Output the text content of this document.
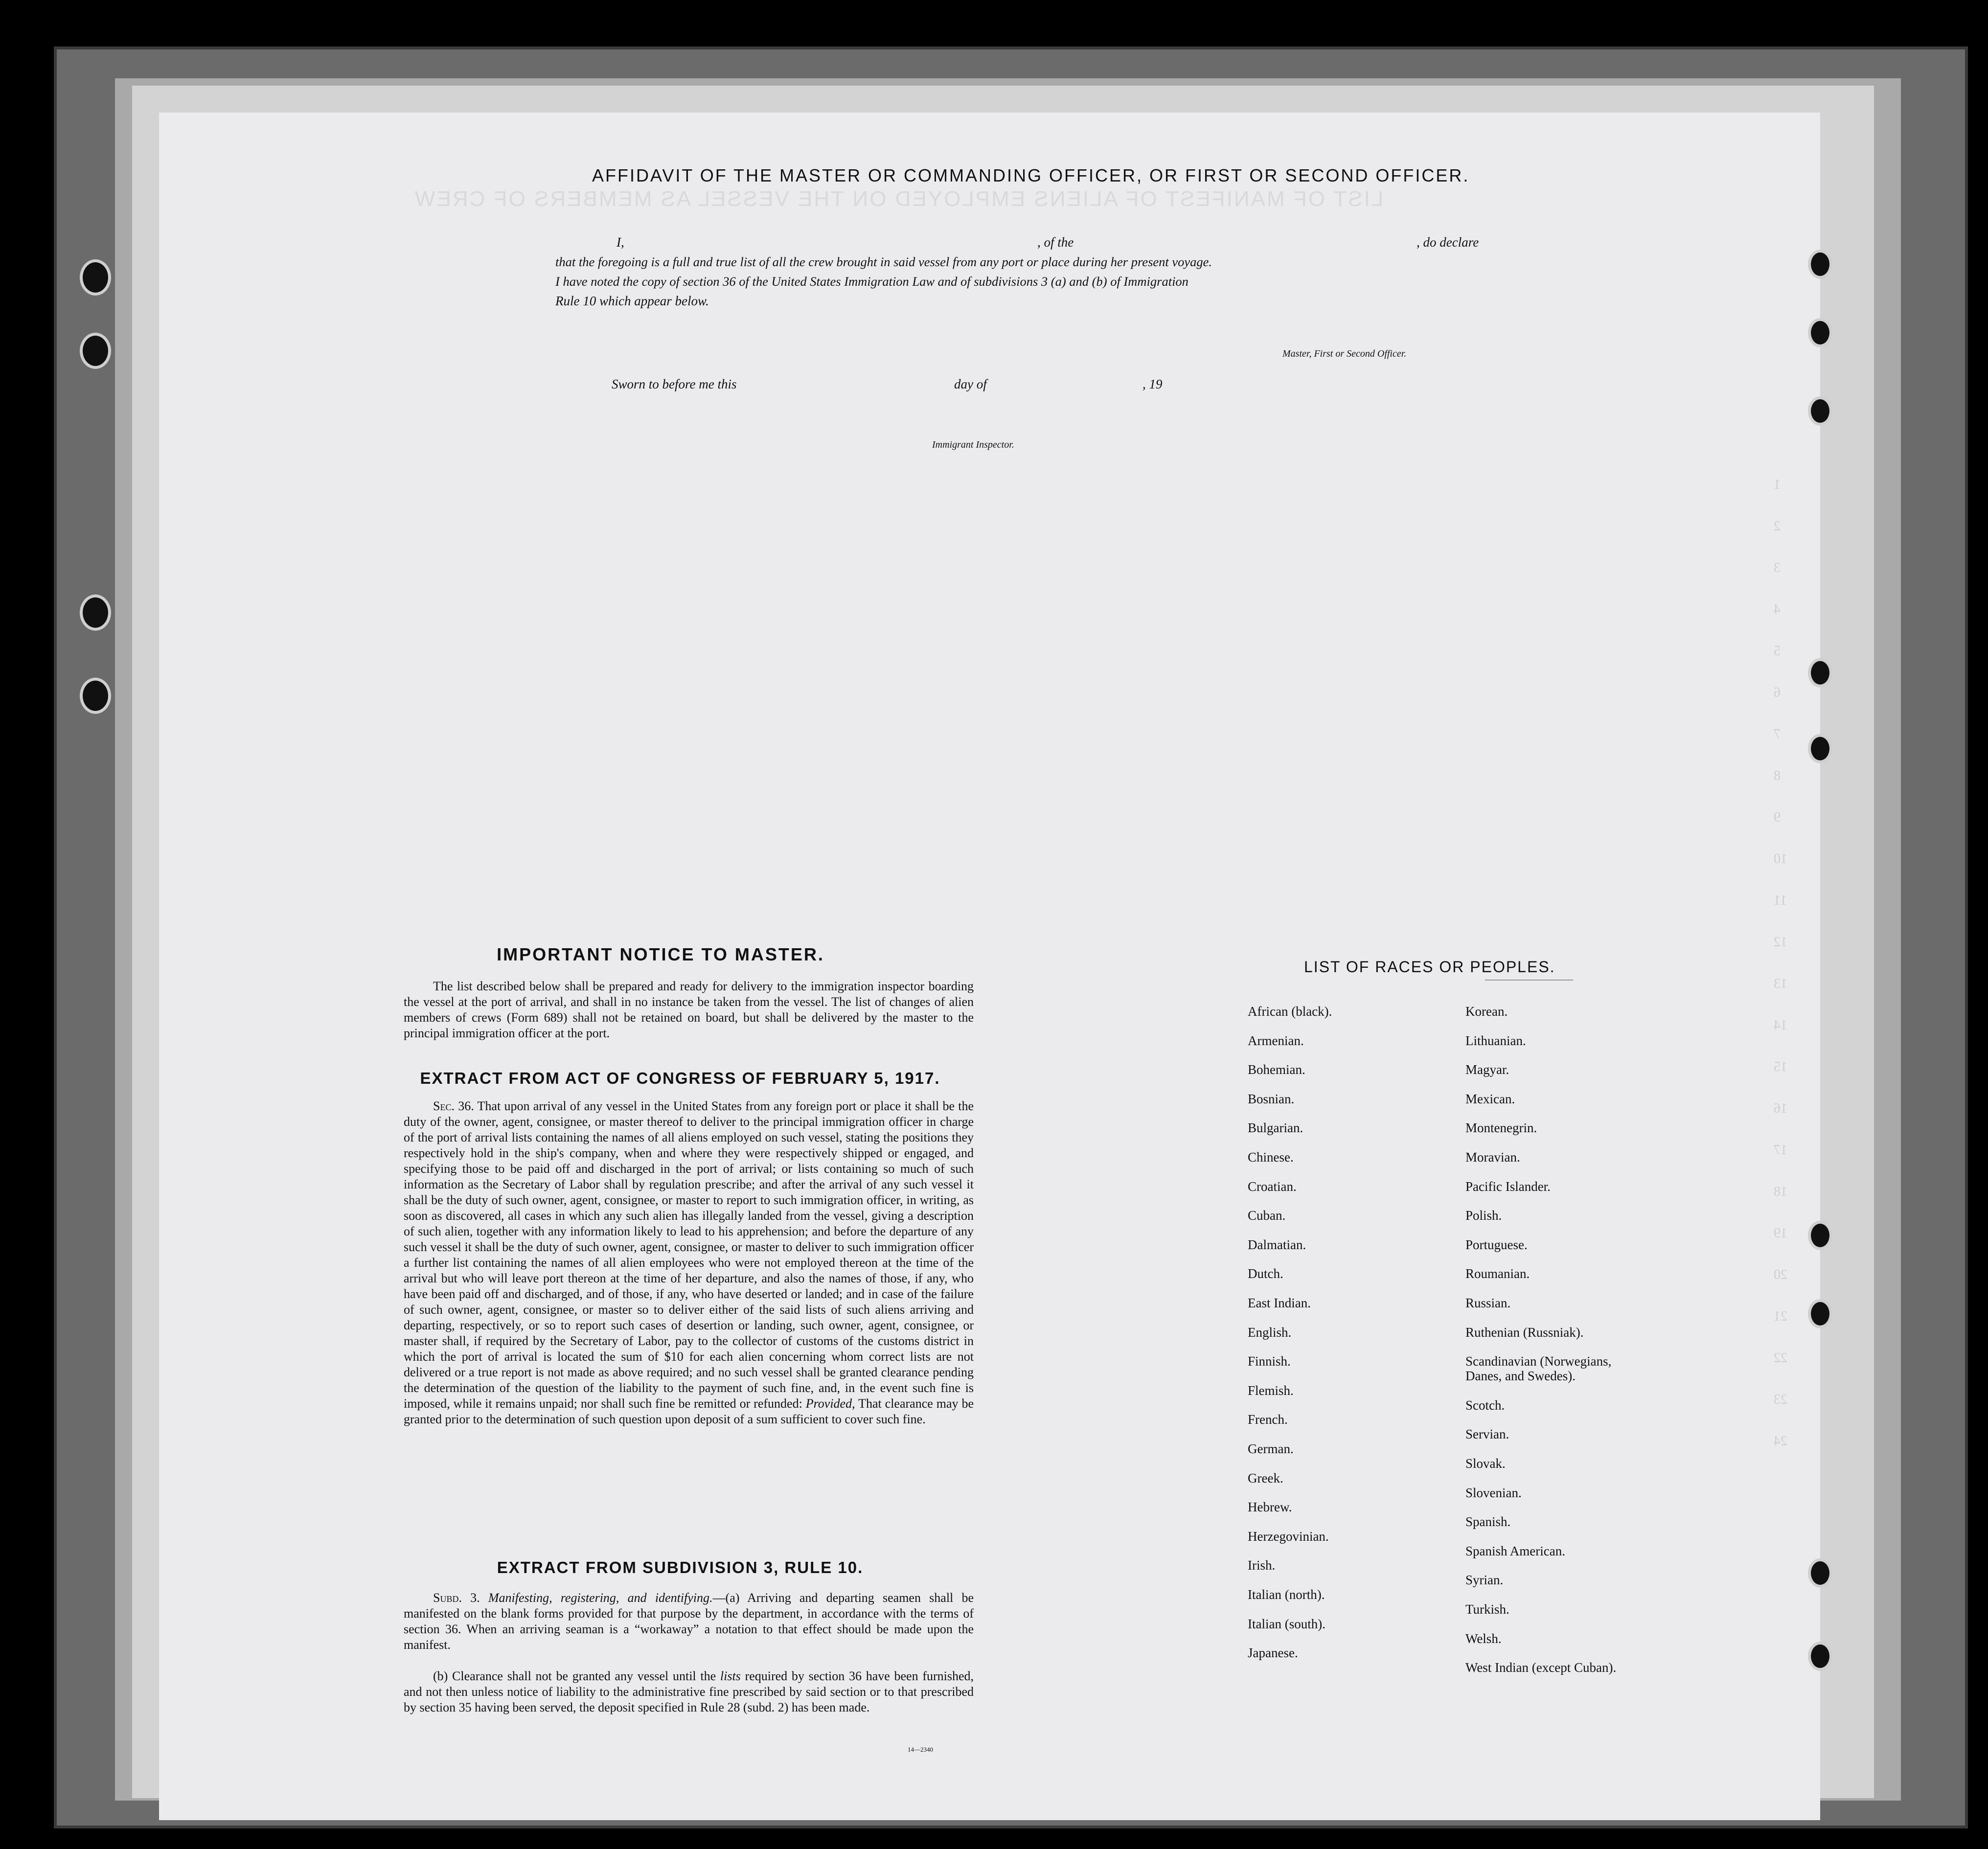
LIST OF MANIFEST OF ALIENS EMPLOYED ON THE VESSEL AS MEMBERS OF CREW
1
2
3
4
5
6
7
8
9
10
11
12
13
14
15
16
17
18
19
20
21
22
23
24
AFFIDAVIT OF THE MASTER OR COMMANDING OFFICER, OR FIRST OR SECOND OFFICER.
I,	, of the	, do declare
that the foregoing is a full and true list of all the crew brought in said vessel from any port or place during her present voyage.
I have noted the copy of section 36 of the United States Immigration Law and of subdivisions 3 (a) and (b) of Immigration
Rule 10 which appear below.
Master, First or Second Officer.
Sworn to before me this	day of	, 19
Immigrant Inspector.
IMPORTANT NOTICE TO MASTER.
The list described below shall be prepared and ready for delivery to the immigration inspector boarding the vessel at the port of arrival, and shall in no instance be taken from the vessel. The list of changes of alien members of crews (Form 689) shall not be retained on board, but shall be delivered by the master to the principal immigration officer at the port.
EXTRACT FROM ACT OF CONGRESS OF FEBRUARY 5, 1917.
Sec. 36. That upon arrival of any vessel in the United States from any foreign port or place it shall be the duty of the owner, agent, consignee, or master thereof to deliver to the principal immigration officer in charge of the port of arrival lists containing the names of all aliens employed on such vessel, stating the positions they respectively hold in the ship's company, when and where they were respectively shipped or engaged, and specifying those to be paid off and discharged in the port of arrival; or lists containing so much of such information as the Secretary of Labor shall by regulation prescribe; and after the arrival of any such vessel it shall be the duty of such owner, agent, consignee, or master to report to such immigration officer, in writing, as soon as discovered, all cases in which any such alien has illegally landed from the vessel, giving a description of such alien, together with any information likely to lead to his apprehension; and before the departure of any such vessel it shall be the duty of such owner, agent, consignee, or master to deliver to such immigration officer a further list containing the names of all alien employees who were not employed thereon at the time of the arrival but who will leave port thereon at the time of her departure, and also the names of those, if any, who have been paid off and discharged, and of those, if any, who have deserted or landed; and in case of the failure of such owner, agent, consignee, or master so to deliver either of the said lists of such aliens arriving and departing, respectively, or so to report such cases of desertion or landing, such owner, agent, consignee, or master shall, if required by the Secretary of Labor, pay to the collector of customs of the customs district in which the port of arrival is located the sum of $10 for each alien concerning whom correct lists are not delivered or a true report is not made as above required; and no such vessel shall be granted clearance pending the determination of the question of the liability to the payment of such fine, and, in the event such fine is imposed, while it remains unpaid; nor shall such fine be remitted or refunded: Provided, That clearance may be granted prior to the determination of such question upon deposit of a sum sufficient to cover such fine.
EXTRACT FROM SUBDIVISION 3, RULE 10.
Subd. 3. Manifesting, registering, and identifying.—(a) Arriving and departing seamen shall be manifested on the blank forms provided for that purpose by the department, in accordance with the terms of section 36. When an arriving seaman is a “workaway” a notation to that effect should be made upon the manifest.
(b) Clearance shall not be granted any vessel until the lists required by section 36 have been furnished, and not then unless notice of liability to the administrative fine prescribed by said section or to that prescribed by section 35 having been served, the deposit specified in Rule 28 (subd. 2) has been made.
14—2340
LIST OF RACES OR PEOPLES.
African (black).
Armenian.
Bohemian.
Bosnian.
Bulgarian.
Chinese.
Croatian.
Cuban.
Dalmatian.
Dutch.
East Indian.
English.
Finnish.
Flemish.
French.
German.
Greek.
Hebrew.
Herzegovinian.
Irish.
Italian (north).
Italian (south).
Japanese.
Korean.
Lithuanian.
Magyar.
Mexican.
Montenegrin.
Moravian.
Pacific Islander.
Polish.
Portuguese.
Roumanian.
Russian.
Ruthenian (Russniak).
Scandinavian (Norwegians,
Danes, and Swedes).
Scotch.
Servian.
Slovak.
Slovenian.
Spanish.
Spanish American.
Syrian.
Turkish.
Welsh.
West Indian (except Cuban).
